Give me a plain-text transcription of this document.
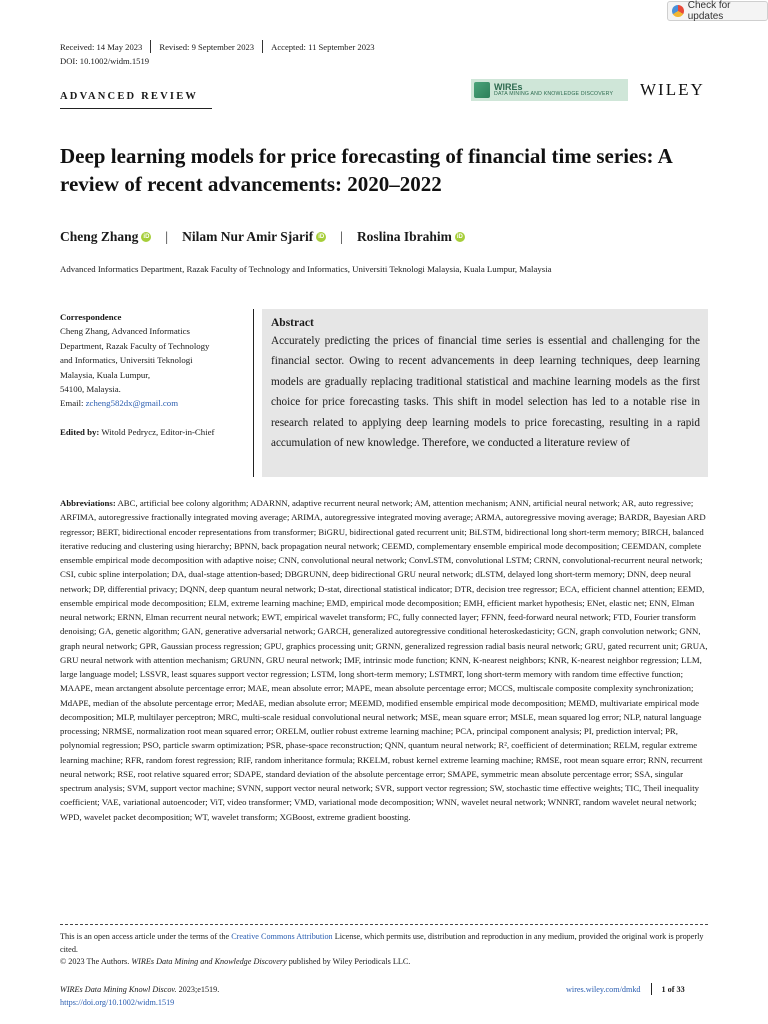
Check for updates
Received: 14 May 2023 Revised: 9 September 2023 Accepted: 11 September 2023
DOI: 10.1002/widm.1519
ADVANCED REVIEW
WIREs
DATA MINING AND KNOWLEDGE DISCOVERY WILEY
Deep learning models for price forecasting of financial time series: A review of recent advancements: 2020–2022
Cheng Zhang iD | Nilam Nur Amir Sjarif iD | Roslina Ibrahim iD
Advanced Informatics Department, Razak Faculty of Technology and Informatics, Universiti Teknologi Malaysia, Kuala Lumpur, Malaysia
Correspondence
Cheng Zhang, Advanced Informatics
Department, Razak Faculty of Technology
and Informatics, Universiti Teknologi
Malaysia, Kuala Lumpur,
54100, Malaysia.
Email: zcheng582dx@gmail.com
Edited by: Witold Pedrycz, Editor-in-Chief
Abstract
Accurately predicting the prices of financial time series is essential and challenging for the financial sector. Owing to recent advancements in deep learning techniques, deep learning models are gradually replacing traditional statistical and machine learning models as the first choice for price forecasting tasks. This shift in model selection has led to a notable rise in research related to applying deep learning models to price forecasting, resulting in a rapid accumulation of new knowledge. Therefore, we conducted a literature review of
Abbreviations: ABC, artificial bee colony algorithm; ADARNN, adaptive recurrent neural network; AM, attention mechanism; ANN, artificial neural network; AR, auto regressive; ARFIMA, autoregressive fractionally integrated moving average; ARIMA, autoregressive integrated moving average; ARMA, autoregressive moving average; BARDR, Bayesian ARD regressor; BERT, bidirectional encoder representations from transformer; BiGRU, bidirectional gated recurrent unit; BiLSTM, bidirectional long short-term memory; BIRCH, balanced iterative reducing and clustering using hierarchy; BPNN, back propagation neural network; CEEMD, complementary ensemble empirical mode decomposition; CEEMDAN, complete ensemble empirical mode decomposition with adaptive noise; CNN, convolutional neural network; ConvLSTM, convolutional LSTM; CRNN, convolutional-recurrent neural network; CSI, cubic spline interpolation; DA, dual-stage attention-based; DBGRUNN, deep bidirectional GRU neural network; dLSTM, delayed long short-term memory; DNN, deep neural network; DP, differential privacy; DQNN, deep quantum neural network; D-stat, directional statistical indicator; DTR, decision tree regressor; ECA, efficient channel attention; EEMD, ensemble empirical mode decomposition; ELM, extreme learning machine; EMD, empirical mode decomposition; EMH, efficient market hypothesis; ENet, elastic net; ENN, Elman neural network; ERNN, Elman recurrent neural network; EWT, empirical wavelet transform; FC, fully connected layer; FFNN, feed-forward neural network; FTD, Fourier transform denoising; GA, genetic algorithm; GAN, generative adversarial network; GARCH, generalized autoregressive conditional heteroskedasticity; GCN, graph convolution network; GNN, graph neural network; GPR, Gaussian process regression; GPU, graphics processing unit; GRNN, generalized regression radial basis neural network; GRU, gated recurrent unit; GRUA, GRU neural network with attention mechanism; GRUNN, GRU neural network; IMF, intrinsic mode function; KNN, K-nearest neighbors; KNR, K-nearest neighbor regression; LLM, large language model; LSSVR, least squares support vector regression; LSTM, long short-term memory; LSTMRT, long short-term memory with random time effective function; MAAPE, mean arctangent absolute percentage error; MAE, mean absolute error; MAPE, mean absolute percentage error; MCCS, multiscale composite complexity synchronization; MdAPE, median of the absolute percentage error; MedAE, median absolute error; MEEMD, modified ensemble empirical mode decomposition; MEMD, multivariate empirical mode decomposition; MLP, multilayer perceptron; MRC, multi-scale residual convolutional neural network; MSE, mean square error; MSLE, mean squared log error; NLP, natural language processing; NRMSE, normalization root mean squared error; ORELM, outlier robust extreme learning machine; PCA, principal component analysis; PI, prediction interval; PR, polynomial regression; PSO, particle swarm optimization; PSR, phase-space reconstruction; QNN, quantum neural network; R², coefficient of determination; RELM, regular extreme learning machine; RFR, random forest regression; RIF, random inheritance formula; RKELM, robust kernel extreme learning machine; RMSE, root mean square error; RNN, recurrent neural network; RSE, root relative squared error; SDAPE, standard deviation of the absolute percentage error; SMAPE, symmetric mean absolute percentage error; SSA, singular spectrum analysis; SVM, support vector machine; SVNN, support vector neural network; SVR, support vector regression; SW, stochastic time effective weights; TIC, Theil inequality coefficient; VAE, variational autoencoder; ViT, video transformer; VMD, variational mode decomposition; WNN, wavelet neural network; WNNRT, random wavelet neural network; WPD, wavelet packet decomposition; WT, wavelet transform; XGBoost, extreme gradient boosting.
This is an open access article under the terms of the Creative Commons Attribution License, which permits use, distribution and reproduction in any medium, provided the original work is properly cited.
© 2023 The Authors. WIREs Data Mining and Knowledge Discovery published by Wiley Periodicals LLC.
WIREs Data Mining Knowl Discov. 2023;e1519.
https://doi.org/10.1002/widm.1519
wires.wiley.com/dmkd	1 of 33
